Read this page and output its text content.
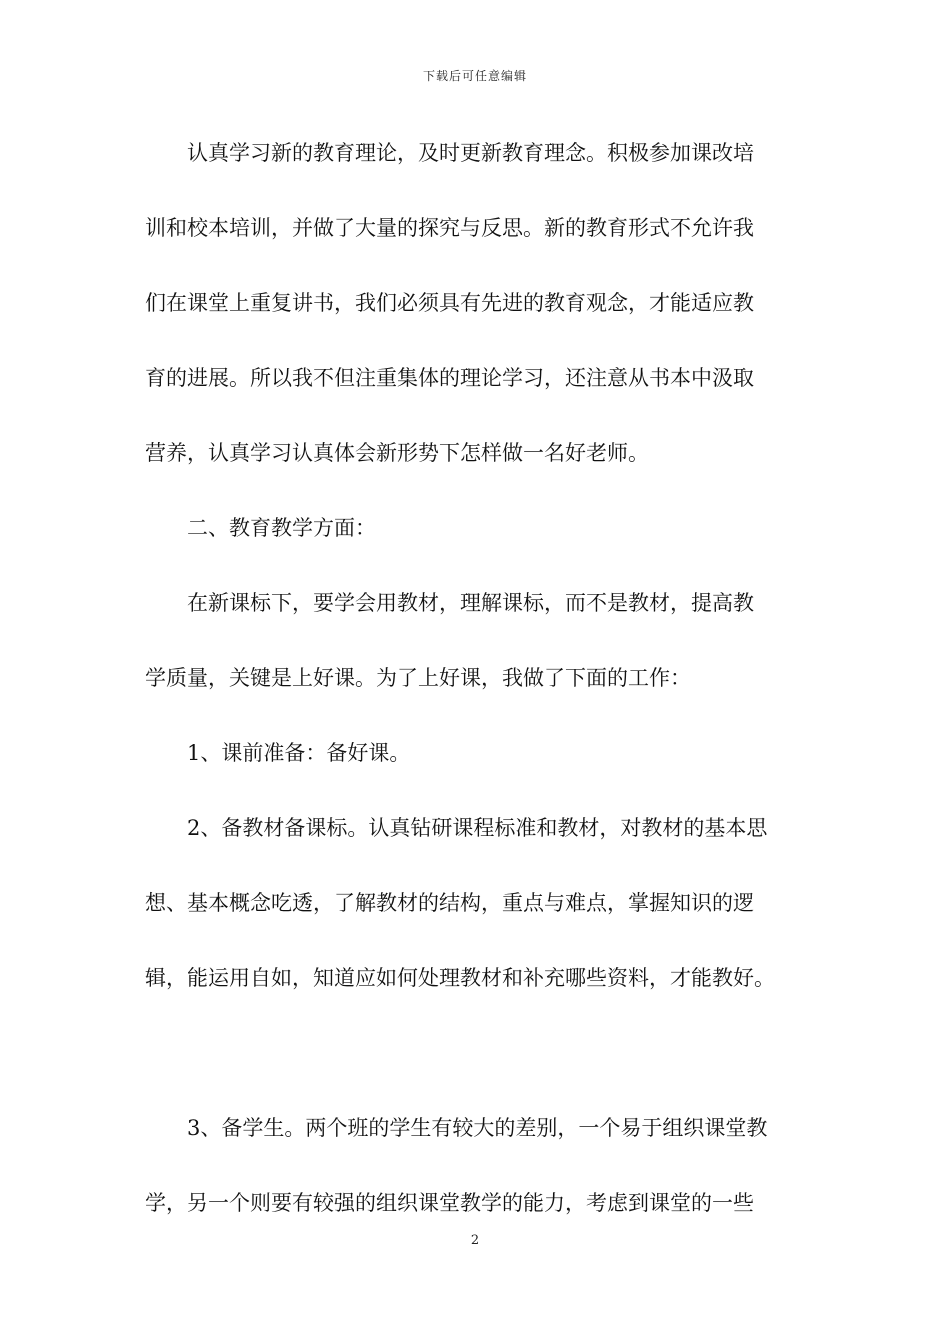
下载后可任意编辑
认真学习新的教育理论，及时更新教育理念。积极参加课改培
训和校本培训，并做了大量的探究与反思。新的教育形式不允许我
们在课堂上重复讲书，我们必须具有先进的教育观念，才能适应教
育的进展。所以我不但注重集体的理论学习，还注意从书本中汲取
营养，认真学习认真体会新形势下怎样做一名好老师。
二、教育教学方面：
在新课标下，要学会用教材，理解课标，而不是教材，提高教
学质量，关键是上好课。为了上好课，我做了下面的工作：
1、课前准备：备好课。
2、备教材备课标。认真钻研课程标准和教材，对教材的基本思
想、基本概念吃透，了解教材的结构，重点与难点，掌握知识的逻
辑，能运用自如，知道应如何处理教材和补充哪些资料，才能教好。
3、备学生。两个班的学生有较大的差别，一个易于组织课堂教
学，另一个则要有较强的组织课堂教学的能力，考虑到课堂的一些
2
